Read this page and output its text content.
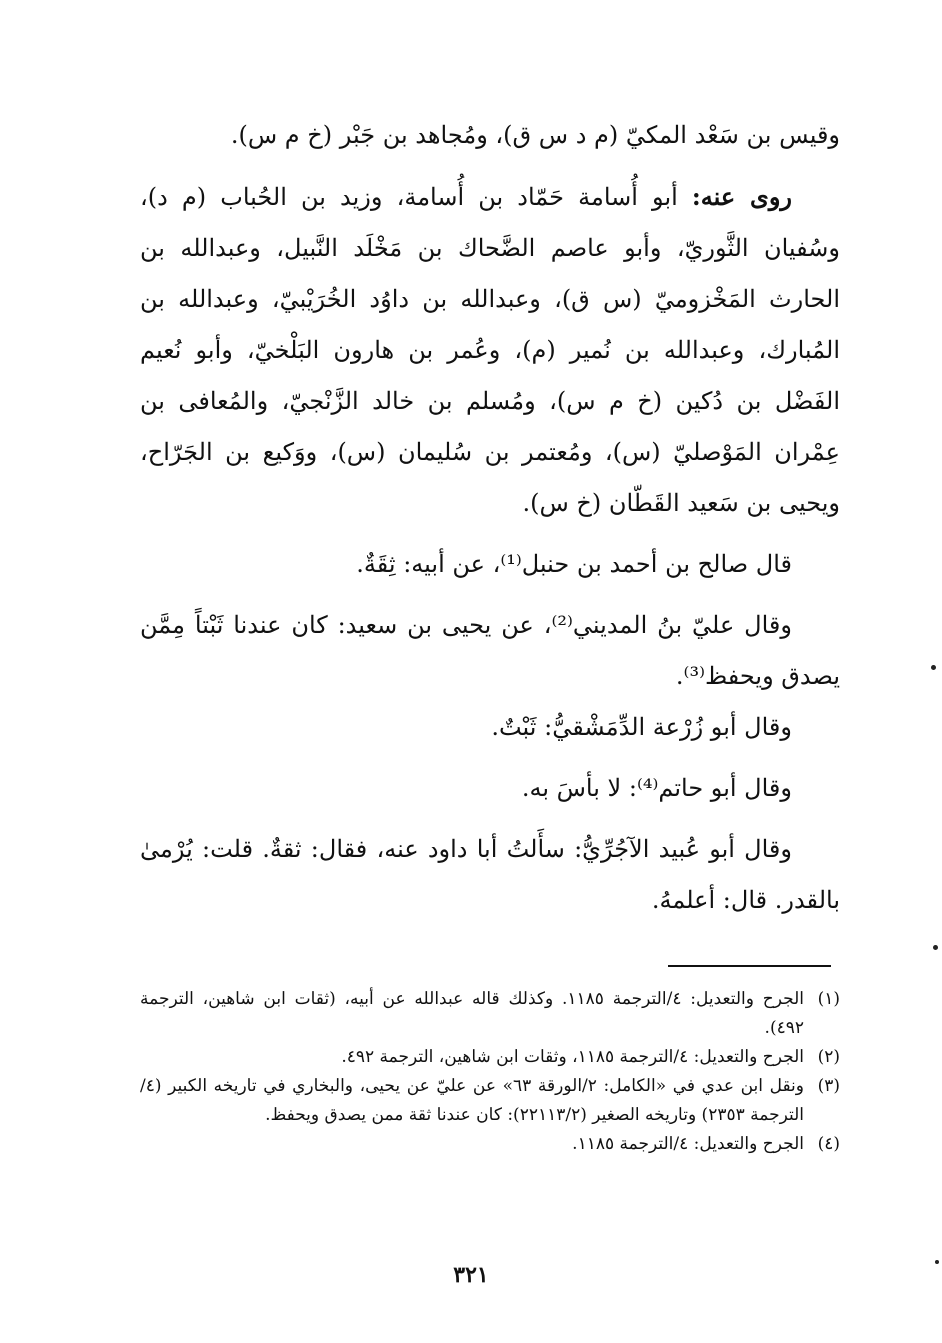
وقيس بن سَعْد المكيّ (م د س ق)، ومُجاهد بن جَبْر (خ م س).

روى عنه: أبو أُسامة حَمّاد بن أُسامة، وزيد بن الحُباب (م د)، وسُفيان الثَّوريّ، وأبو عاصم الضَّحاك بن مَخْلَد النَّبيل، وعبدالله بن الحارث المَخْزوميّ (س ق)، وعبدالله بن داوُد الخُرَيْبيّ، وعبدالله بن المُبارك، وعبدالله بن نُمير (م)، وعُمر بن هارون البَلْخيّ، وأبو نُعيم الفَضْل بن دُكين (خ م س)، ومُسلم بن خالد الزَّنْجيّ، والمُعافى بن عِمْران المَوْصليّ (س)، ومُعتمر بن سُليمان (س)، ووَكيع بن الجَرّاح، ويحيى بن سَعيد القَطّان (خ س).

قال صالح بن أحمد بن حنبل⁽¹⁾، عن أبيه: ثِقَةٌ.

وقال عليّ بنُ المديني⁽²⁾، عن يحيى بن سعيد: كان عندنا ثَبْتاً مِمَّن يصدق ويحفظ⁽³⁾.

وقال أبو زُرْعة الدِّمَشْقيُّ: ثَبْتٌ.

وقال أبو حاتم⁽⁴⁾: لا بأسَ به.

وقال أبو عُبيد الآجُرِّيُّ: سأَلتُ أبا داود عنه، فقال: ثقةٌ. قلت: يُرْمىٰ بالقدر. قال: أعلمهُ.

(١)
الجرح والتعديل: ٤/الترجمة ١١٨٥. وكذلك قاله عبدالله عن أبيه، (ثقات ابن شاهين، الترجمة ٤٩٢).

(٢)
الجرح والتعديل: ٤/الترجمة ١١٨٥، وثقات ابن شاهين، الترجمة ٤٩٢.

(٣)
ونقل ابن عدي في «الكامل: ٢/الورقة ٦٣» عن عليّ عن يحيى، والبخاري في تاريخه الكبير (٤/الترجمة ٢٣٥٣) وتاريخه الصغير (٢٢١١٣/٢): كان عندنا ثقة ممن يصدق ويحفظ.

(٤)
الجرح والتعديل: ٤/الترجمة ١١٨٥.

٣٢١
